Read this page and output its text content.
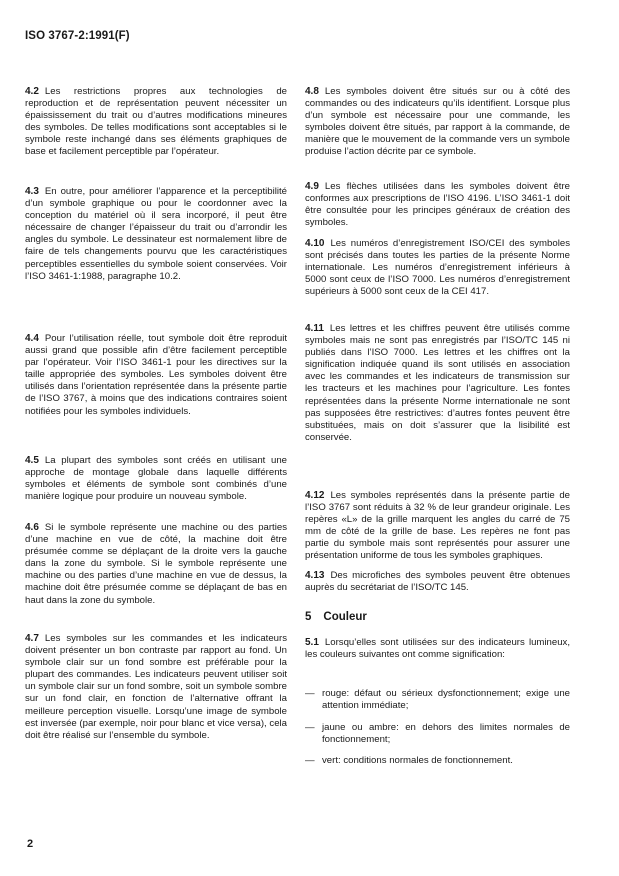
ISO 3767-2:1991(F)

4.2 Les restrictions propres aux technologies de reproduction et de représentation peuvent nécessiter un épaississement du trait ou d’autres modifications mineures des symboles. De telles modifications sont acceptables si le symbole reste inchangé dans ses éléments graphiques de base et facilement perceptible par l’opérateur.

4.3 En outre, pour améliorer l’apparence et la perceptibilité d’un symbole graphique ou pour le coordonner avec la conception du matériel où il sera incorporé, il peut être nécessaire de changer l’épaisseur du trait ou d’arrondir les angles du symbole. Le dessinateur est normalement libre de faire de tels changements pourvu que les caractéristiques perceptibles essentielles du symbole soient conservées. Voir l’ISO 3461-1:1988, paragraphe 10.2.

4.4 Pour l’utilisation réelle, tout symbole doit être reproduit aussi grand que possible afin d’être facilement perceptible par l’opérateur. Voir l’ISO 3461-1 pour les directives sur la taille appropriée des symboles. Les symboles doivent être utilisés dans l’orientation représentée dans la présente partie de l’ISO 3767, à moins que des indications contraires soient notifiées pour les symboles individuels.

4.5 La plupart des symboles sont créés en utilisant une approche de montage globale dans laquelle différents symboles et éléments de symbole sont combinés d’une manière logique pour produire un nouveau symbole.

4.6 Si le symbole représente une machine ou des parties d’une machine en vue de côté, la machine doit être présumée comme se déplaçant de la droite vers la gauche dans la zone du symbole. Si le symbole représente une machine ou des parties d’une machine en vue de dessus, la machine doit être présumée comme se déplaçant de bas en haut dans la zone du symbole.

4.7 Les symboles sur les commandes et les indicateurs doivent présenter un bon contraste par rapport au fond. Un symbole clair sur un fond sombre est préférable pour la plupart des commandes. Les indicateurs peuvent utiliser soit un symbole clair sur un fond sombre, soit un symbole sombre sur un fond clair, en fonction de l’alternative offrant la meilleure perception visuelle. Lorsqu’une image de symbole est inversée (par exemple, noir pour blanc et vice versa), cela doit être réalisé sur l’ensemble du symbole.

4.8 Les symboles doivent être situés sur ou à côté des commandes ou des indicateurs qu’ils identifient. Lorsque plus d’un symbole est nécessaire pour une commande, les symboles doivent être situés, par rapport à la commande, de manière que le mouvement de la commande vers un symbole produise l’action décrite par ce symbole.

4.9 Les flèches utilisées dans les symboles doivent être conformes aux prescriptions de l’ISO 4196. L’ISO 3461-1 doit être consultée pour les principes généraux de création des symboles.

4.10 Les numéros d’enregistrement ISO/CEI des symboles sont précisés dans toutes les parties de la présente Norme internationale. Les numéros d’enregistrement inférieurs à 5000 sont ceux de l’ISO 7000. Les numéros d’enregistrement supérieurs à 5000 sont ceux de la CEI 417.

4.11 Les lettres et les chiffres peuvent être utilisés comme symboles mais ne sont pas enregistrés par l’ISO/TC 145 ni publiés dans l’ISO 7000. Les lettres et les chiffres ont la signification indiquée quand ils sont utilisés en association avec les commandes et les indicateurs de transmission sur les tracteurs et les machines pour l’agriculture. Les fontes représentées dans la présente Norme internationale ne sont pas supposées être restrictives: d’autres fontes peuvent être substituées, mais on doit s’assurer que la lisibilité est conservée.

4.12 Les symboles représentés dans la présente partie de l’ISO 3767 sont réduits à 32 % de leur grandeur originale. Les repères «L» de la grille marquent les angles du carré de 75 mm de côté de la grille de base. Les repères ne font pas partie du symbole mais sont représentés pour assurer une présentation uniforme de tous les symboles graphiques.

4.13 Des microfiches des symboles peuvent être obtenues auprès du secrétariat de l’ISO/TC 145.

5 Couleur

5.1 Lorsqu’elles sont utilisées sur des indicateurs lumineux, les couleurs suivantes ont comme signification:

— rouge: défaut ou sérieux dysfonctionnement; exige une attention immédiate;
— jaune ou ambre: en dehors des limites normales de fonctionnement;
— vert: conditions normales de fonctionnement.
2
